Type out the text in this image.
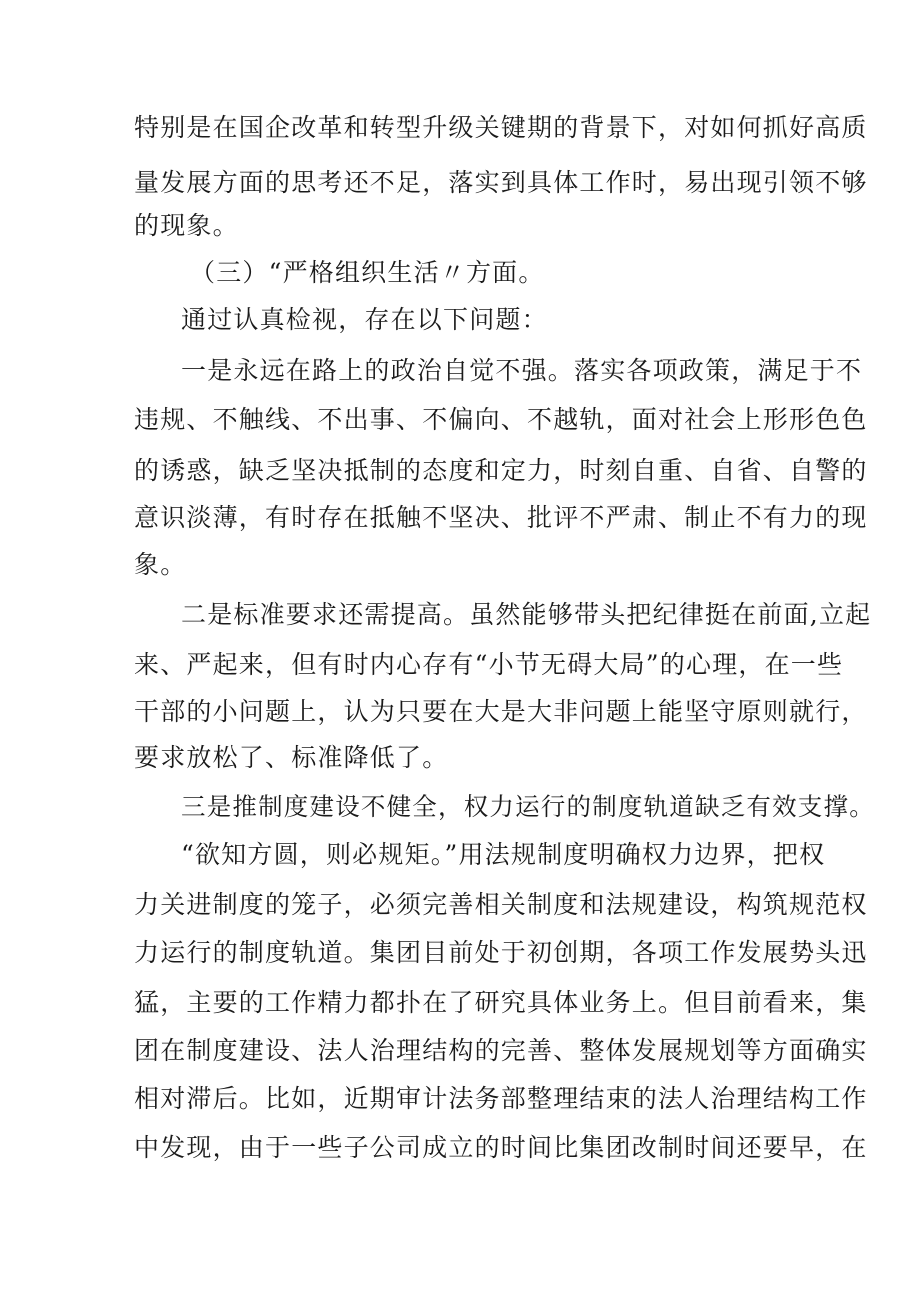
特别是在国企改革和转型升级关键期的背景下，对如何抓好高质
量发展方面的思考还不足，落实到具体工作时，易出现引领不够
的现象。
（三）“严格组织生活〃方面。
通过认真检视，存在以下问题：
一是永远在路上的政治自觉不强。落实各项政策，满足于不
违规、不触线、不出事、不偏向、不越轨，面对社会上形形色色
的诱惑，缺乏坚决抵制的态度和定力，时刻自重、自省、自警的
意识淡薄，有时存在抵触不坚决、批评不严肃、制止不有力的现
象。
二是标准要求还需提高。虽然能够带头把纪律挺在前面,立起
来、严起来，但有时内心存有“小节无碍大局”的心理，在一些
干部的小问题上，认为只要在大是大非问题上能坚守原则就行，
要求放松了、标准降低了。
三是推制度建设不健全，权力运行的制度轨道缺乏有效支撑。
“欲知方圆，则必规矩。”用法规制度明确权力边界，把权
力关进制度的笼子，必须完善相关制度和法规建设，构筑规范权
力运行的制度轨道。集团目前处于初创期，各项工作发展势头迅
猛，主要的工作精力都扑在了研究具体业务上。但目前看来，集
团在制度建设、法人治理结构的完善、整体发展规划等方面确实
相对滞后。比如，近期审计法务部整理结束的法人治理结构工作
中发现，由于一些子公司成立的时间比集团改制时间还要早，在
